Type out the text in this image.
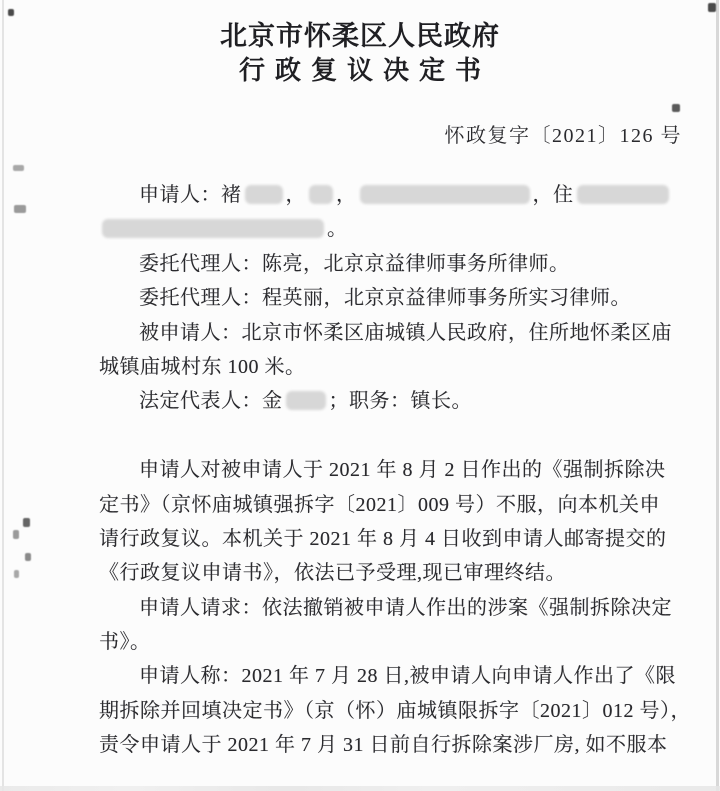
北京市怀柔区人民政府
行政复议决定书
怀政复字〔2021〕126 号
申请人：褚 ， ，	，住
。
委托代理人：陈亮，北京京益律师事务所律师。
委托代理人：程英丽，北京京益律师事务所实习律师。
被申请人：北京市怀柔区庙城镇人民政府，住所地怀柔区庙
城镇庙城村东 100 米。
法定代表人：金 ；职务：镇长。
申请人对被申请人于 2021 年 8 月 2 日作出的《强制拆除决
定书》（京怀庙城镇强拆字〔2021〕009 号）不服，向本机关申
请行政复议。本机关于 2021 年 8 月 4 日收到申请人邮寄提交的
《行政复议申请书》，依法已予受理,现已审理终结。
申请人请求：依法撤销被申请人作出的涉案《强制拆除决定
书》。
申请人称：2021 年 7 月 28 日,被申请人向申请人作出了《限
期拆除并回填决定书》（京（怀）庙城镇限拆字〔2021〕012 号），
责令申请人于 2021 年 7 月 31 日前自行拆除案涉厂房, 如不服本
